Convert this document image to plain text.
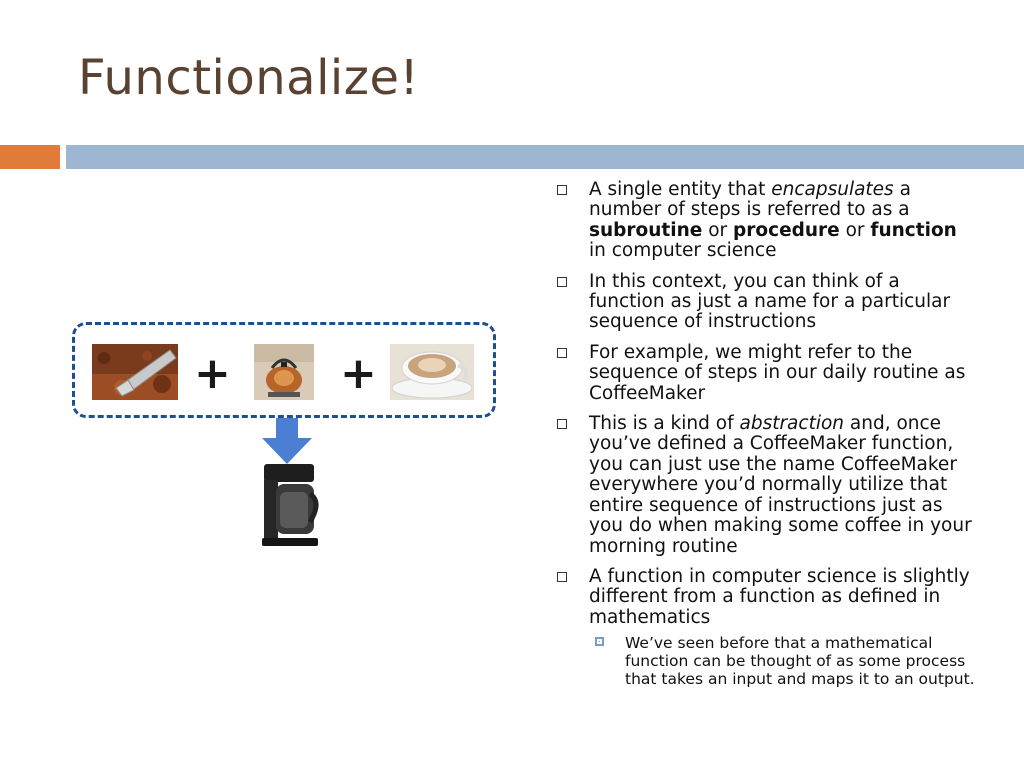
Functionalize!
+ +
A single entity that encapsulates a number of steps is referred to as a subroutine or procedure or function in computer science
In this context, you can think of a function as just a name for a particular sequence of instructions
For example, we might refer to the sequence of steps in our daily routine as CoffeeMaker
This is a kind of abstraction and, once you’ve defined a CoffeeMaker function, you can just use the name CoffeeMaker everywhere you’d normally utilize that entire sequence of instructions just as you do when making some coffee in your morning routine
A function in computer science is slightly different from a function as defined in mathematics
We’ve seen before that a mathematical function can be thought of as some process that takes an input and maps it to an output.
